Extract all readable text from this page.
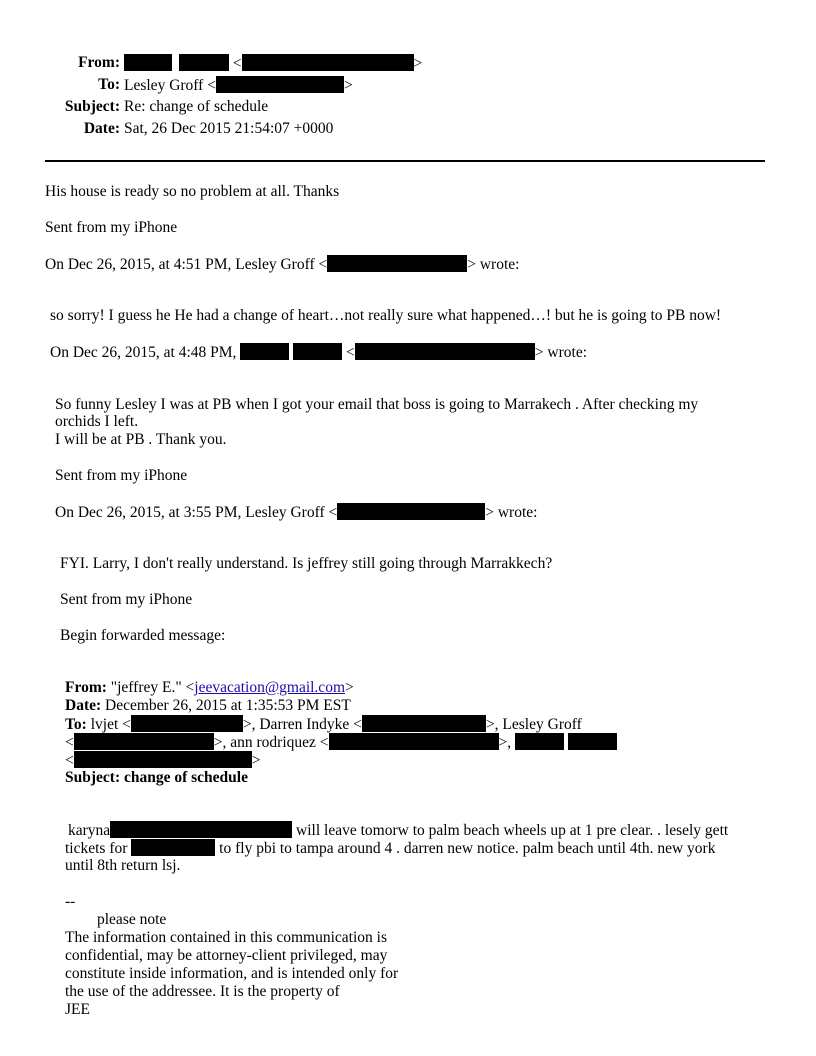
From:	<	>
To: Lesley Groff <	>
Subject: Re: change of schedule
Date: Sat, 26 Dec 2015 21:54:07 +0000
His house is ready so no problem at all. Thanks
Sent from my iPhone
On Dec 26, 2015, at 4:51 PM, Lesley Groff <	> wrote:
so sorry! I guess he He had a change of heart…not really sure what happened…! but he is going to PB now!
On Dec 26, 2015, at 4:48 PM,	<	> wrote:
So funny Lesley I was at PB when I got your email that boss is going to Marrakech . After checking my
orchids I left.
I will be at PB . Thank you.
Sent from my iPhone
On Dec 26, 2015, at 3:55 PM, Lesley Groff <	> wrote:
FYI. Larry, I don't really understand. Is jeffrey still going through Marrakkech?
Sent from my iPhone
Begin forwarded message:
From: "jeffrey E." <jeevacation@gmail.com>
Date: December 26, 2015 at 1:35:53 PM EST
To: lvjet <	>, Darren Indyke <	>, Lesley Groff
<	>, ann rodriquez <	>,
<	>
Subject: change of schedule
karyna	will leave tomorw to palm beach wheels up at 1 pre clear. . lesely gett
tickets for	to fly pbi to tampa around 4 . darren new notice. palm beach until 4th. new york
until 8th return lsj.
--
please note
The information contained in this communication is
confidential, may be attorney-client privileged, may
constitute inside information, and is intended only for
the use of the addressee. It is the property of
JEE
